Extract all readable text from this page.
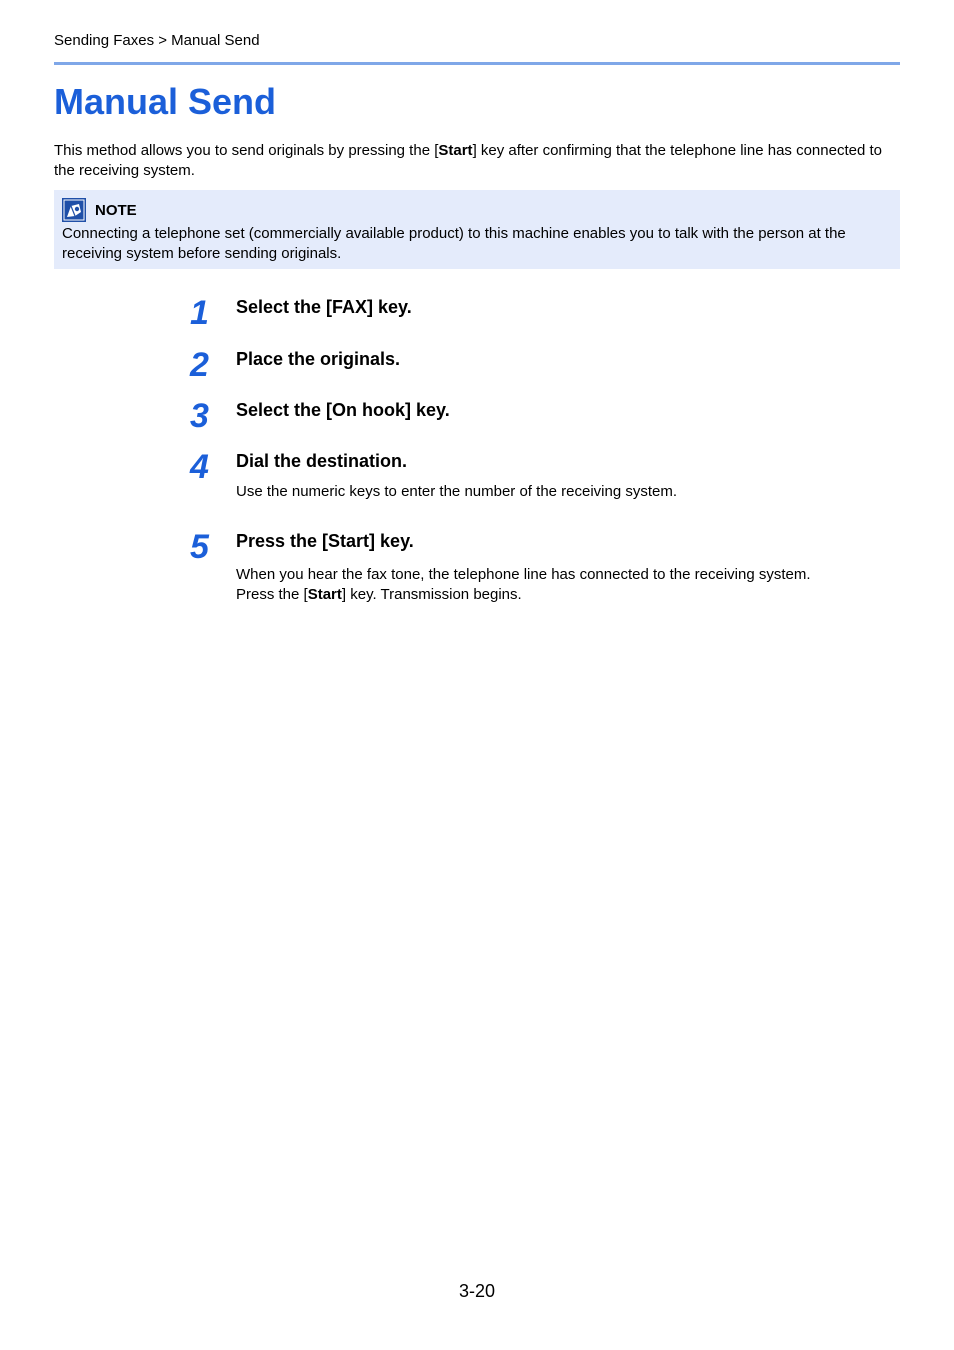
Sending Faxes > Manual Send
Manual Send
This method allows you to send originals by pressing the [Start] key after confirming that the telephone line has connected to the receiving system.
NOTE
Connecting a telephone set (commercially available product) to this machine enables you to talk with the person at the receiving system before sending originals.
1	Select the [FAX] key.
2	Place the originals.
3	Select the [On hook] key.
4	Dial the destination.
Use the numeric keys to enter the number of the receiving system.
5	Press the [Start] key.
When you hear the fax tone, the telephone line has connected to the receiving system.
Press the [Start] key. Transmission begins.
3-20
